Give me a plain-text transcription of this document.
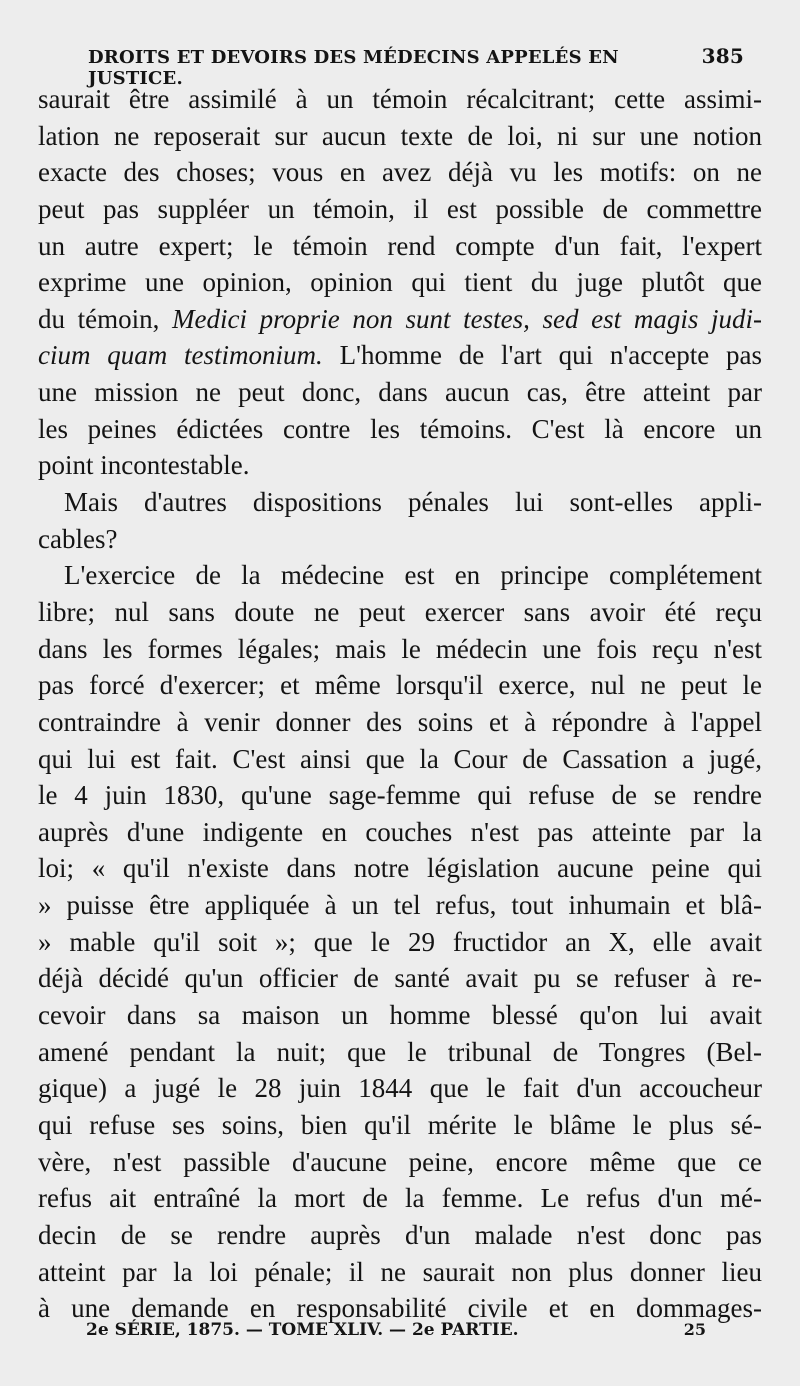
DROITS ET DEVOIRS DES MÉDECINS APPELÉS EN JUSTICE.
385
saurait être assimilé à un témoin récalcitrant; cette assimi-
lation ne reposerait sur aucun texte de loi, ni sur une notion
exacte des choses; vous en avez déjà vu les motifs: on ne
peut pas suppléer un témoin, il est possible de commettre
un autre expert; le témoin rend compte d'un fait, l'expert
exprime une opinion, opinion qui tient du juge plutôt que
du témoin, Medici proprie non sunt testes, sed est magis judi-
cium quam testimonium. L'homme de l'art qui n'accepte pas
une mission ne peut donc, dans aucun cas, être atteint par
les peines édictées contre les témoins. C'est là encore un
point incontestable.
Mais d'autres dispositions pénales lui sont-elles appli-
cables?
L'exercice de la médecine est en principe complétement
libre; nul sans doute ne peut exercer sans avoir été reçu
dans les formes légales; mais le médecin une fois reçu n'est
pas forcé d'exercer; et même lorsqu'il exerce, nul ne peut le
contraindre à venir donner des soins et à répondre à l'appel
qui lui est fait. C'est ainsi que la Cour de Cassation a jugé,
le 4 juin 1830, qu'une sage-femme qui refuse de se rendre
auprès d'une indigente en couches n'est pas atteinte par la
loi; « qu'il n'existe dans notre législation aucune peine qui
» puisse être appliquée à un tel refus, tout inhumain et blâ-
» mable qu'il soit »; que le 29 fructidor an X, elle avait
déjà décidé qu'un officier de santé avait pu se refuser à re-
cevoir dans sa maison un homme blessé qu'on lui avait
amené pendant la nuit; que le tribunal de Tongres (Bel-
gique) a jugé le 28 juin 1844 que le fait d'un accoucheur
qui refuse ses soins, bien qu'il mérite le blâme le plus sé-
vère, n'est passible d'aucune peine, encore même que ce
refus ait entraîné la mort de la femme. Le refus d'un mé-
decin de se rendre auprès d'un malade n'est donc pas
atteint par la loi pénale; il ne saurait non plus donner lieu
à une demande en responsabilité civile et en dommages-
2e SÉRIE, 1875. — TOME XLIV. — 2e PARTIE.	25
